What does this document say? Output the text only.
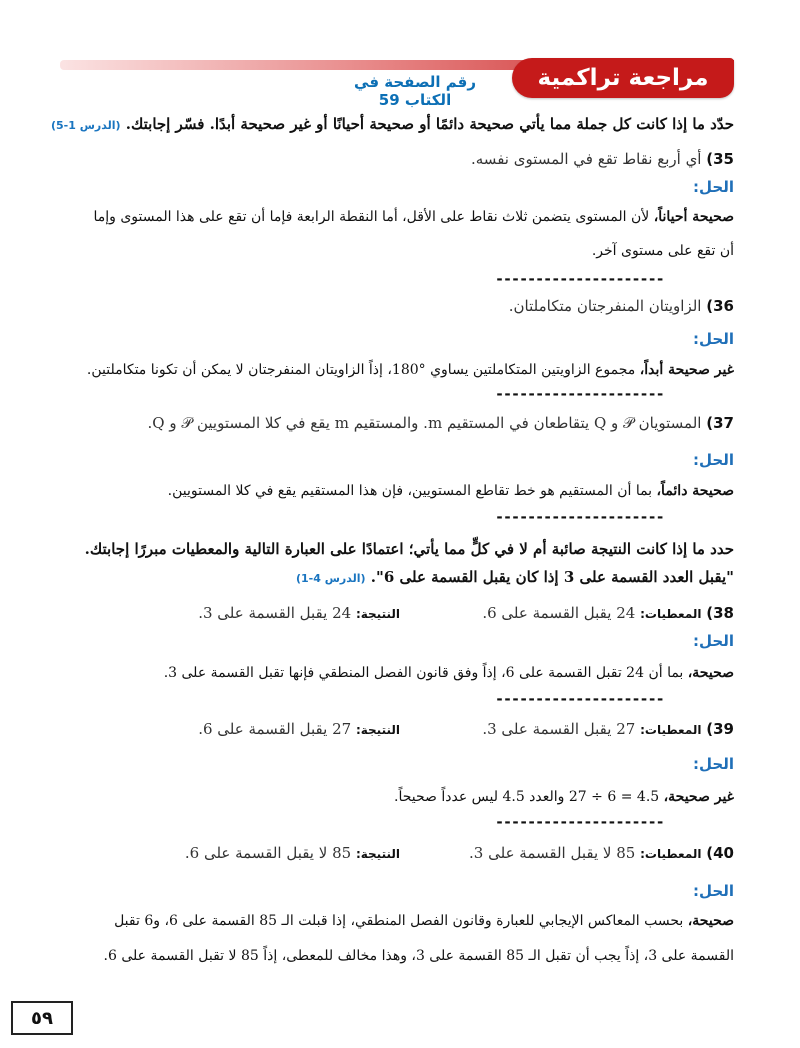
مراجعة تراكمية
رقم الصفحة في الكتاب 59
حدّد ما إذا كانت كل جملة مما يأتي صحيحة دائمًا أو صحيحة أحيانًا أو غير صحيحة أبدًا. فسّر إجابتك. (الدرس 1-5)
35) أي أربع نقاط تقع في المستوى نفسه.
الحل:
صحيحة أحياناً، لأن المستوى يتضمن ثلاث نقاط على الأقل، أما النقطة الرابعة فإما أن تقع على هذا المستوى وإما
أن تقع على مستوى آخر.
---------------------
36) الزاويتان المنفرجتان متكاملتان.
الحل:
غير صحيحة أبداً، مجموع الزاويتين المتكاملتين يساوي °180، إذاً الزاويتان المنفرجتان لا يمكن أن تكونا متكاملتين.
---------------------
37) المستويان 𝒫 و Q يتقاطعان في المستقيم m. والمستقيم m يقع في كلا المستويين 𝒫 و Q.
الحل:
صحيحة دائماً، بما أن المستقيم هو خط تقاطع المستويين، فإن هذا المستقيم يقع في كلا المستويين.
---------------------
حدد ما إذا كانت النتيجة صائبة أم لا في كلٍّ مما يأتي؛ اعتمادًا على العبارة التالية والمعطيات مبررًا إجابتك.
"يقبل العدد القسمة على 3 إذا كان يقبل القسمة على 6". (الدرس 4-1)
38) المعطيات: 24 يقبل القسمة على 6.
النتيجة: 24 يقبل القسمة على 3.
الحل:
صحيحة، بما أن 24 تقبل القسمة على 6، إذاً وفق قانون الفصل المنطقي فإنها تقبل القسمة على 3.
---------------------
39) المعطيات: 27 يقبل القسمة على 3.
النتيجة: 27 يقبل القسمة على 6.
الحل:
غير صحيحة، 4.5 = 6 ÷ 27 والعدد 4.5 ليس عدداً صحيحاً.
---------------------
40) المعطيات: 85 لا يقبل القسمة على 3.
النتيجة: 85 لا يقبل القسمة على 6.
الحل:
صحيحة، بحسب المعاكس الإيجابي للعبارة وقانون الفصل المنطقي، إذا قبلت الـ 85 القسمة على 6، و6 تقبل
القسمة على 3، إذاً يجب أن تقبل الـ 85 القسمة على 3، وهذا مخالف للمعطى، إذاً 85 لا تقبل القسمة على 6.
٥٩
